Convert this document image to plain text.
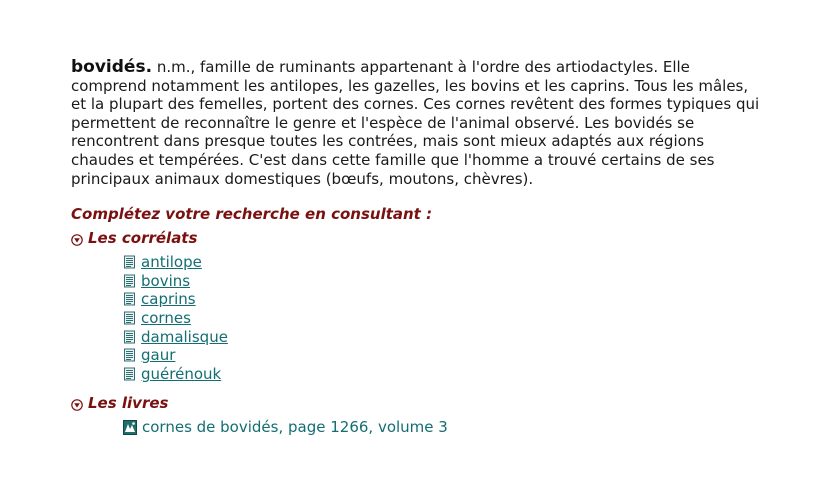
bovidés. n.m., famille de ruminants appartenant à l'ordre des artiodactyles. Elle comprend notamment les antilopes, les gazelles, les bovins et les caprins. Tous les mâles, et la plupart des femelles, portent des cornes. Ces cornes revêtent des formes typiques qui permettent de reconnaître le genre et l'espèce de l'animal observé. Les bovidés se rencontrent dans presque toutes les contrées, mais sont mieux adaptés aux régions chaudes et tempérées. C'est dans cette famille que l'homme a trouvé certains de ses principaux animaux domestiques (bœufs, moutons, chèvres).
Complétez votre recherche en consultant :
Les corrélats
antilope
bovins
caprins
cornes
damalisque
gaur
guérénouk
Les livres
cornes de bovidés, page 1266, volume 3
